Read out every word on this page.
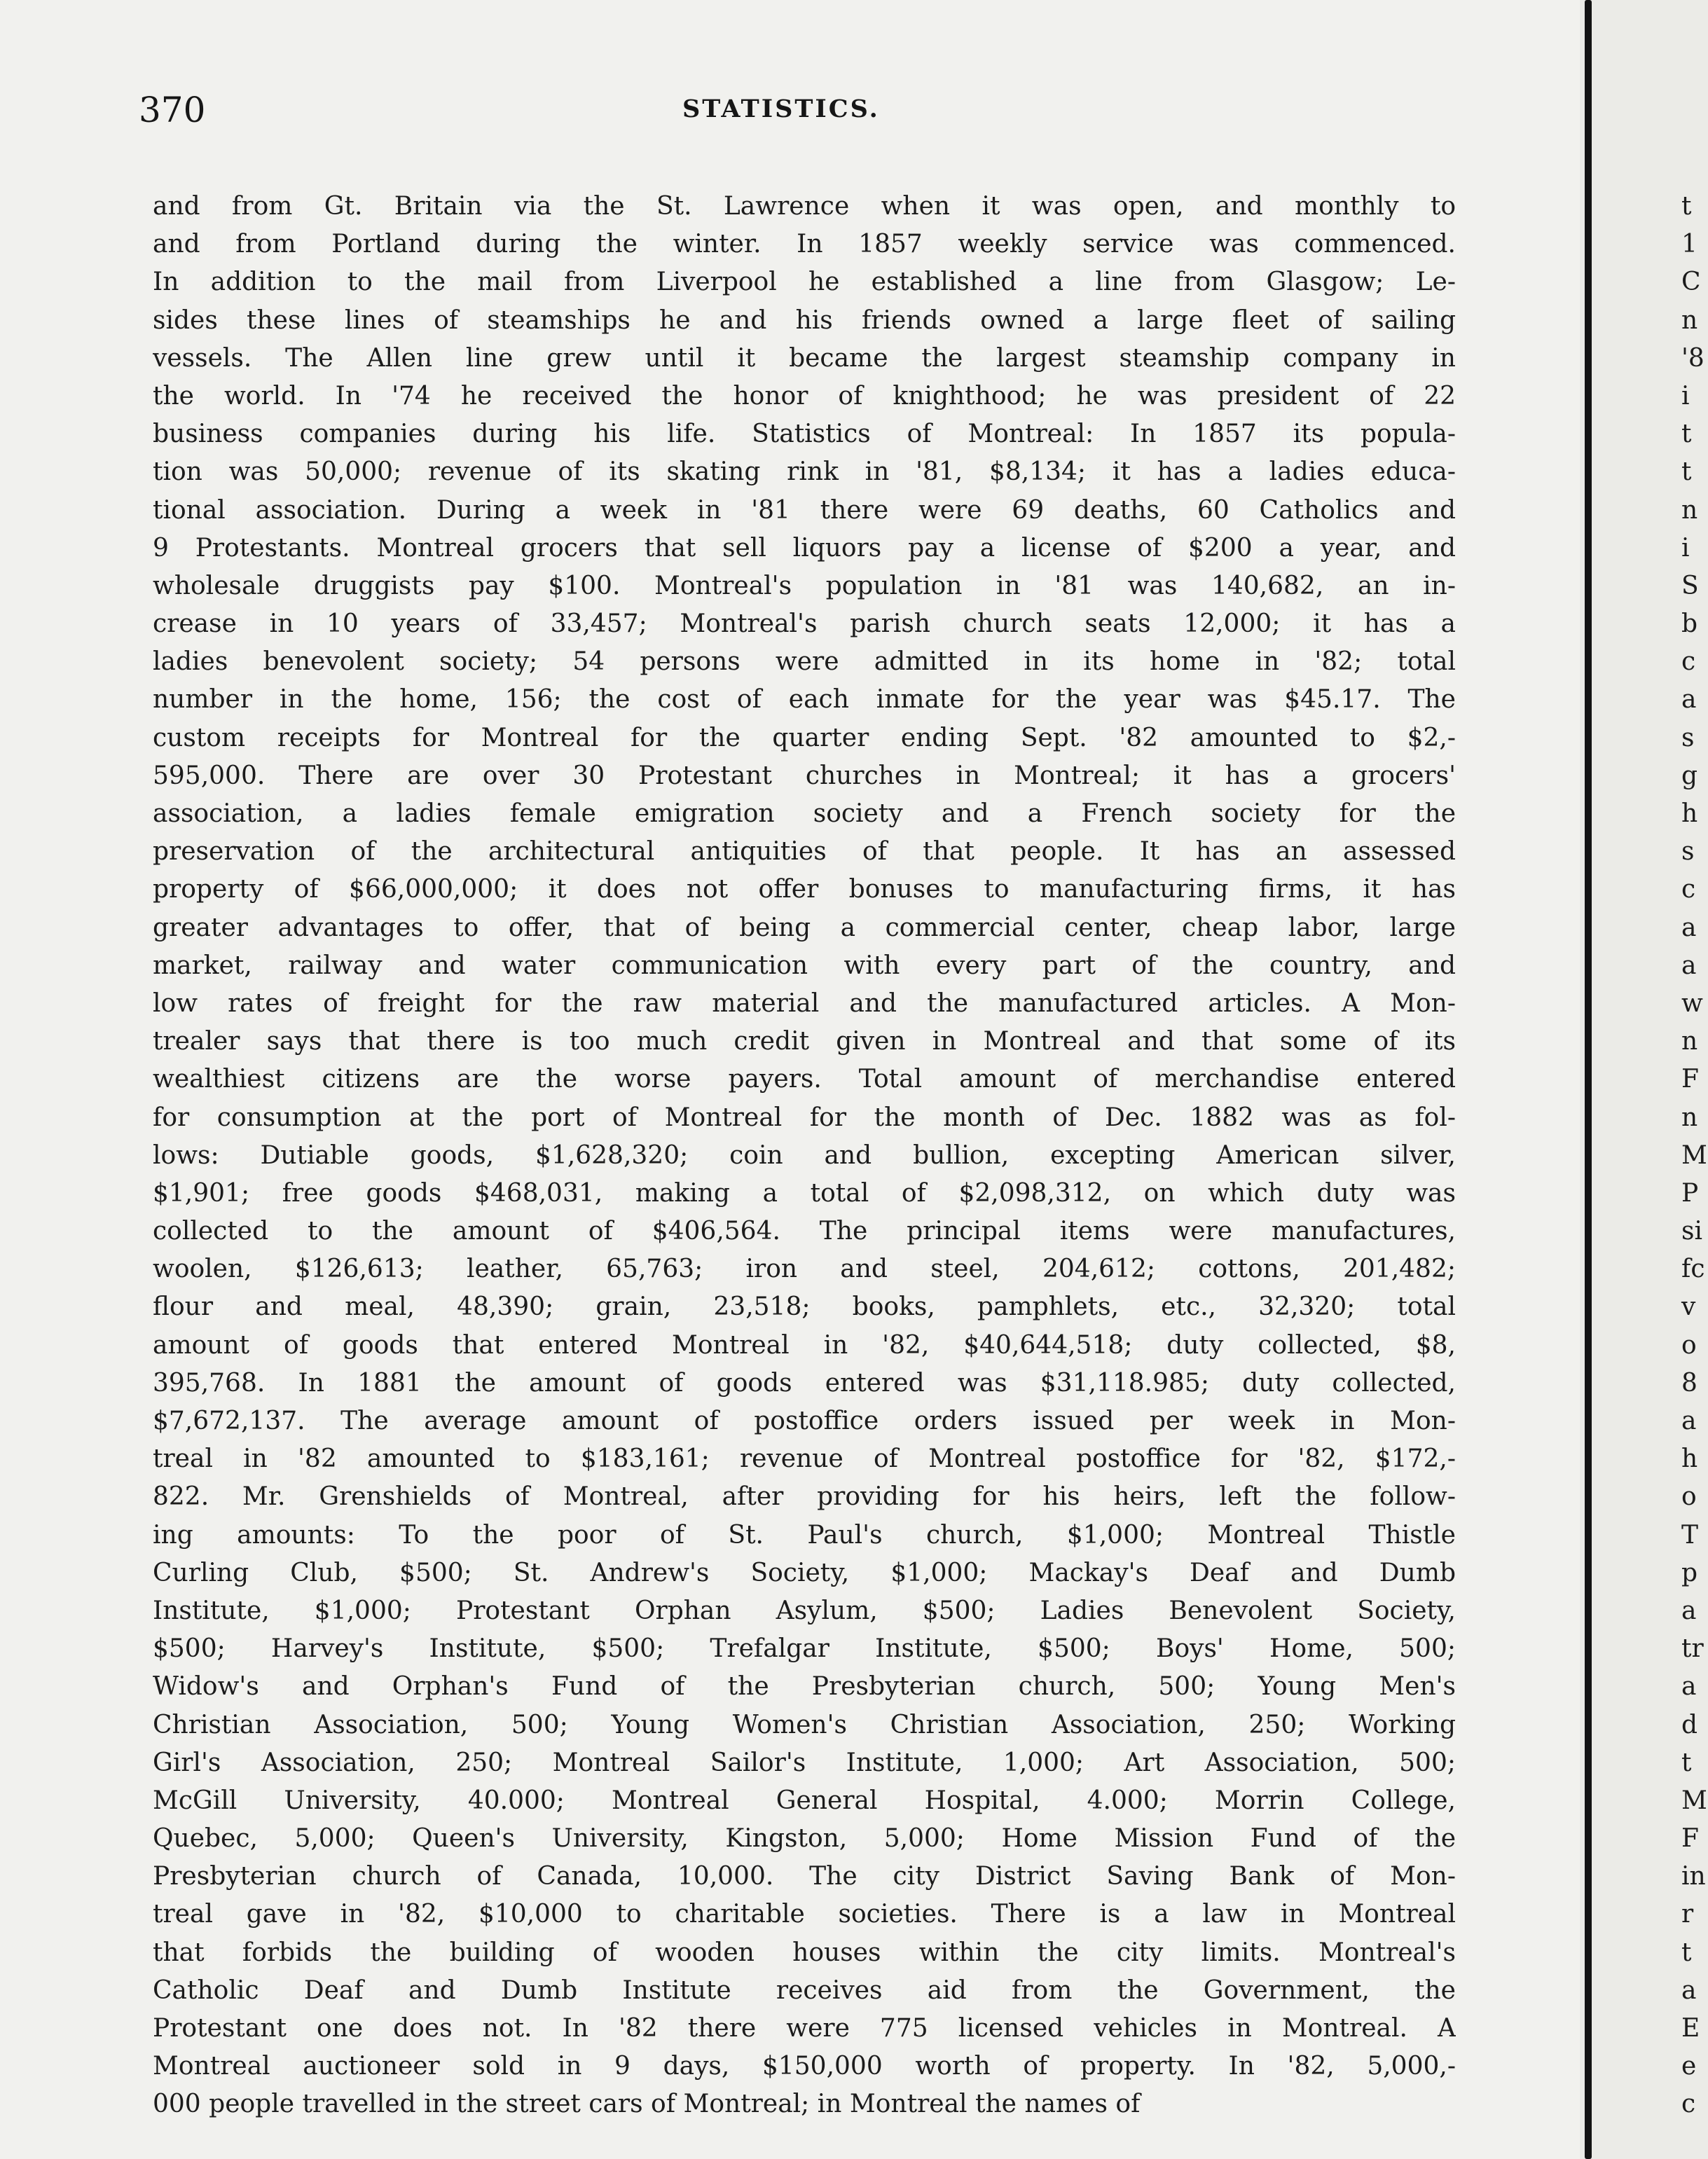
370	STATISTICS.
and from Gt. Britain via the St. Lawrence when it was open, and monthly to
and from Portland during the winter. In 1857 weekly service was commenced.
In addition to the mail from Liverpool he established a line from Glasgow; Le-
sides these lines of steamships he and his friends owned a large fleet of sailing
vessels. The Allen line grew until it became the largest steamship company in
the world. In '74 he received the honor of knighthood; he was president of 22
business companies during his life. Statistics of Montreal: In 1857 its popula-
tion was 50,000; revenue of its skating rink in '81, $8,134; it has a ladies educa-
tional association. During a week in '81 there were 69 deaths, 60 Catholics and
9 Protestants. Montreal grocers that sell liquors pay a license of $200 a year, and
wholesale druggists pay $100. Montreal's population in '81 was 140,682, an in-
crease in 10 years of 33,457; Montreal's parish church seats 12,000; it has a
ladies benevolent society; 54 persons were admitted in its home in '82; total
number in the home, 156; the cost of each inmate for the year was $45.17. The
custom receipts for Montreal for the quarter ending Sept. '82 amounted to $2,-
595,000. There are over 30 Protestant churches in Montreal; it has a grocers'
association, a ladies female emigration society and a French society for the
preservation of the architectural antiquities of that people. It has an assessed
property of $66,000,000; it does not offer bonuses to manufacturing firms, it has
greater advantages to offer, that of being a commercial center, cheap labor, large
market, railway and water communication with every part of the country, and
low rates of freight for the raw material and the manufactured articles. A Mon-
trealer says that there is too much credit given in Montreal and that some of its
wealthiest citizens are the worse payers. Total amount of merchandise entered
for consumption at the port of Montreal for the month of Dec. 1882 was as fol-
lows: Dutiable goods, $1,628,320; coin and bullion, excepting American silver,
$1,901; free goods $468,031, making a total of $2,098,312, on which duty was
collected to the amount of $406,564. The principal items were manufactures,
woolen, $126,613; leather, 65,763; iron and steel, 204,612; cottons, 201,482;
flour and meal, 48,390; grain, 23,518; books, pamphlets, etc., 32,320; total
amount of goods that entered Montreal in '82, $40,644,518; duty collected, $8,
395,768. In 1881 the amount of goods entered was $31,118.985; duty collected,
$7,672,137. The average amount of postoffice orders issued per week in Mon-
treal in '82 amounted to $183,161; revenue of Montreal postoffice for '82, $172,-
822. Mr. Grenshields of Montreal, after providing for his heirs, left the follow-
ing amounts: To the poor of St. Paul's church, $1,000; Montreal Thistle
Curling Club, $500; St. Andrew's Society, $1,000; Mackay's Deaf and Dumb
Institute, $1,000; Protestant Orphan Asylum, $500; Ladies Benevolent Society,
$500; Harvey's Institute, $500; Trefalgar Institute, $500; Boys' Home, 500;
Widow's and Orphan's Fund of the Presbyterian church, 500; Young Men's
Christian Association, 500; Young Women's Christian Association, 250; Working
Girl's Association, 250; Montreal Sailor's Institute, 1,000; Art Association, 500;
McGill University, 40.000; Montreal General Hospital, 4.000; Morrin College,
Quebec, 5,000; Queen's University, Kingston, 5,000; Home Mission Fund of the
Presbyterian church of Canada, 10,000. The city District Saving Bank of Mon-
treal gave in '82, $10,000 to charitable societies. There is a law in Montreal
that forbids the building of wooden houses within the city limits. Montreal's
Catholic Deaf and Dumb Institute receives aid from the Government, the
Protestant one does not. In '82 there were 775 licensed vehicles in Montreal. A
Montreal auctioneer sold in 9 days, $150,000 worth of property. In '82, 5,000,-
000 people travelled in the street cars of Montreal; in Montreal the names of
t
1
C
n
'8
i
t
t
n
i
S
b
c
a
s
g
h
s
c
a
a
w
n
F
n
M
P
si
fc
v
o
8
a
h
o
T
p
a
tr
a
d
t
M
F
in
r
t
a
E
e
c
